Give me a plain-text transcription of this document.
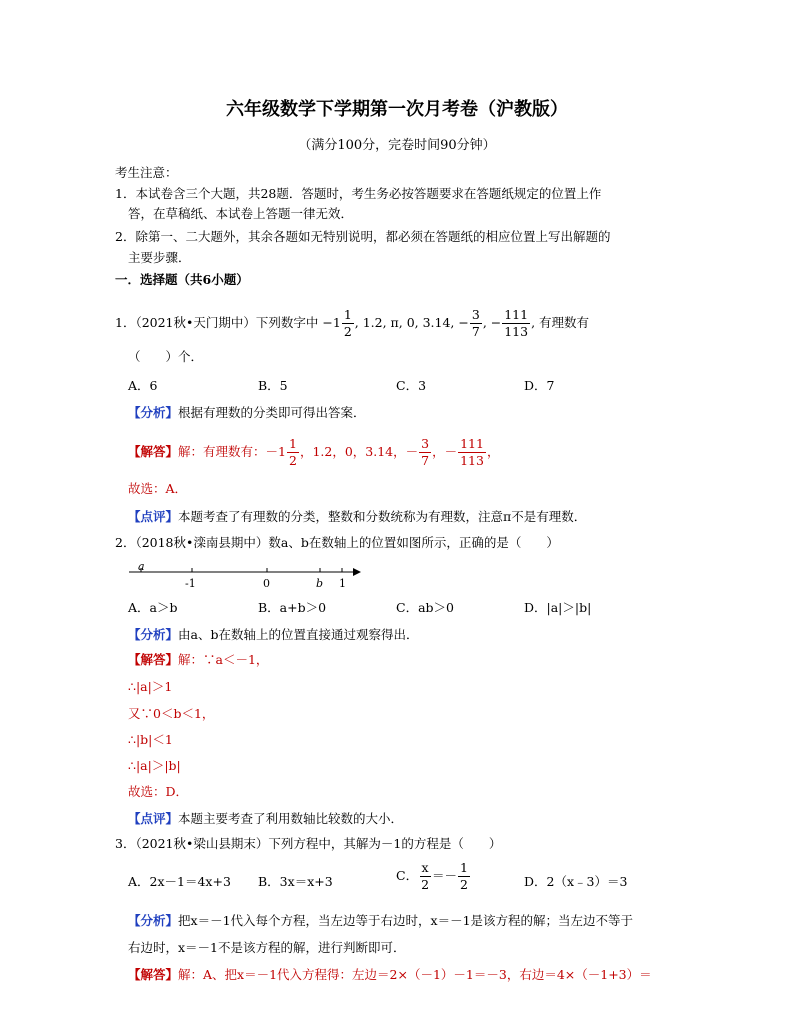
六年级数学下学期第一次月考卷（沪教版）
（满分100分，完卷时间90分钟）
考生注意：
1．本试卷含三个大题，共28题．答题时，考生务必按答题要求在答题纸规定的位置上作
答，在草稿纸、本试卷上答题一律无效．
2．除第一、二大题外，其余各题如无特别说明，都必须在答题纸的相应位置上写出解题的
主要步骤．
一．选择题（共6小题）
1．（2021秋•天门期中）下列数字中 $-1 \frac{1}{2}$ , 1.2, π, 0, 3.14, − $\frac{3}{7}$ , − $\frac{111}{113}$ , 有理数有
（　　）个．
A．6	B．5	C．3	D．7
【分析】根据有理数的分类即可得出答案．
【解答】解：有理数有：$-1 \frac{1}{2}$ ，1.2，0，3.14，－ $\frac{3}{7}$ ，－ $\frac{111}{113}$ ，
故选：A．
【点评】本题考查了有理数的分类，整数和分数统称为有理数，注意π不是有理数．
2．（2018秋•滦南县期中）数a、b在数轴上的位置如图所示，正确的是（　　）
a
-1	0	b 1
A．a＞b	B．a+b＞0	C．ab＞0	D．|a|＞|b|
【分析】由a、b在数轴上的位置直接通过观察得出．
【解答】解：∵a＜－1，
∴|a|＞1
又∵0＜b＜1，
∴|b|＜1
∴|a|＞|b|
故选：D．
【点评】本题主要考查了利用数轴比较数的大小．
3．（2021秋•梁山县期末）下列方程中，其解为－1的方程是（　　）
A．2x－1＝4x+3 B．3x＝x+3	C． $\frac{x}{2} =- \frac{1}{2}$	D．2（x﹣3）＝3
【分析】把x＝－1代入每个方程，当左边等于右边时，x＝－1是该方程的解；当左边不等于
右边时，x＝－1不是该方程的解，进行判断即可．
【解答】解：A、把x＝－1代入方程得：左边＝2×（－1）－1＝－3，右边＝4×（－1+3）＝
